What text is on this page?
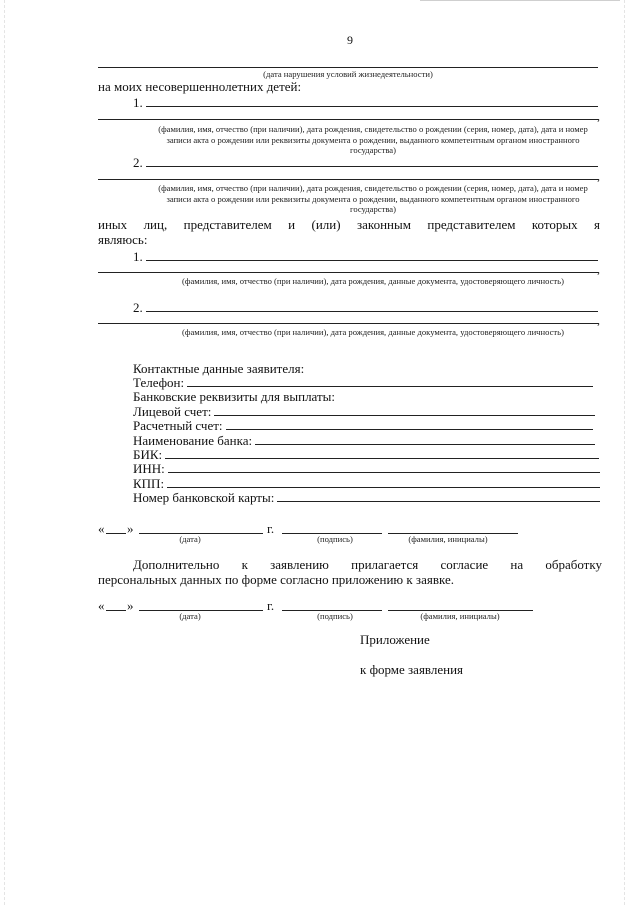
9
(дата нарушения условий жизнедеятельности)
на моих несовершеннолетних детей:
1.
,
(фамилия, имя, отчество (при наличии), дата рождения, свидетельство о рождении (серия, номер, дата), дата и номер записи акта о рождении или реквизиты документа о рождении, выданного компетентным органом иностранного государства)
2.
,
(фамилия, имя, отчество (при наличии), дата рождения, свидетельство о рождении (серия, номер, дата), дата и номер записи акта о рождении или реквизиты документа о рождении, выданного компетентным органом иностранного государства)
иных лиц, представителем и (или) законным представителем которых я
являюсь:
1.
,
(фамилия, имя, отчество (при наличии), дата рождения, данные документа, удостоверяющего личность)
2.
,
(фамилия, имя, отчество (при наличии), дата рождения, данные документа, удостоверяющего личность)
Контактные данные заявителя:
Телефон:
Банковские реквизиты для выплаты:
Лицевой счет:
Расчетный счет:
Наименование банка:
БИК:
ИНН:
КПП:
Номер банковской карты:
« »	г.
(дата)	(подпись)	(фамилия, инициалы)
Дополнительно к заявлению прилагается согласие на обработку
персональных данных по форме согласно приложению к заявке.
« »	г.
(дата)	(подпись)	(фамилия, инициалы)
Приложение
к форме заявления
